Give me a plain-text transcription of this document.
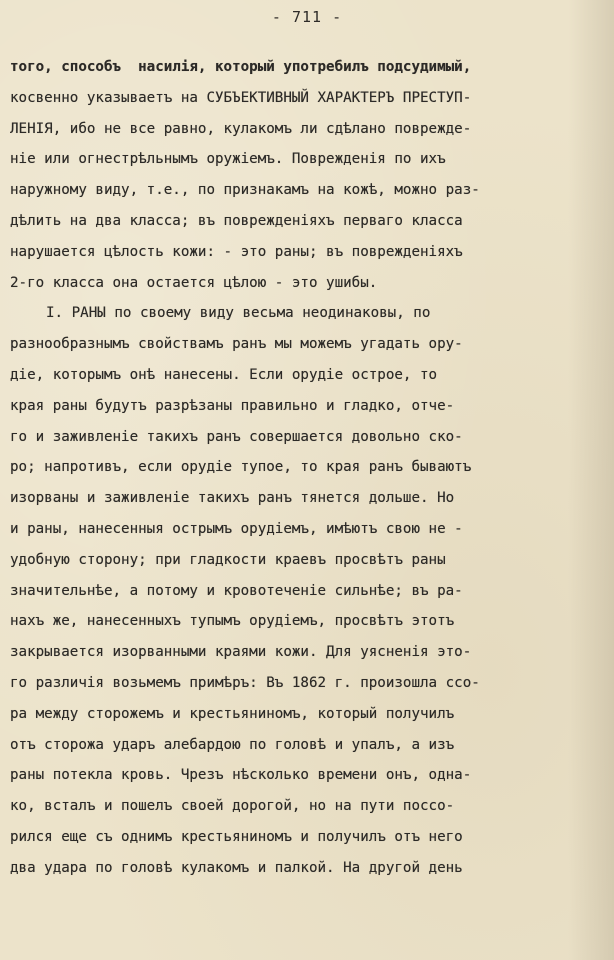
- 711 -
того, способъ  насилія, который употребилъ подсудимый,
косвенно указываетъ на СУБЪЕКТИВНЫЙ ХАРАКТЕРЪ ПРЕСТУП-
ЛЕНІЯ, ибо не все равно, кулакомъ ли сдѣлано поврежде-
ніе или огнестрѣльнымъ оружіемъ. Поврежденія по ихъ
наружному виду, т.е., по признакамъ на кожѣ, можно раз-
дѣлить на два класса; въ поврежденіяхъ перваго класса
нарушается цѣлость кожи: - это раны; въ поврежденіяхъ
2-го класса она остается цѣлою - это ушибы.
I. РАНЫ по своему виду весьма неодинаковы, по
разнообразнымъ свойствамъ ранъ мы можемъ угадать ору-
діе, которымъ онѣ нанесены. Если орудіе острое, то
края раны будутъ разрѣзаны правильно и гладко, отче-
го и заживленіе такихъ ранъ совершается довольно ско-
ро; напротивъ, если орудіе тупое, то края ранъ бываютъ
изорваны и заживленіе такихъ ранъ тянется дольше. Но
и раны, нанесенныя острымъ орудіемъ, имѣютъ свою не -
удобную сторону; при гладкости краевъ просвѣтъ раны
значительнѣе, а потому и кровотеченіе сильнѣе; въ ра-
нахъ же, нанесенныхъ тупымъ орудіемъ, просвѣтъ этотъ
закрывается изорванными краями кожи. Для уясненія это-
го различія возьмемъ примѣръ: Въ 1862 г. произошла ссо-
ра между сторожемъ и крестьяниномъ, который получилъ
отъ сторожа ударъ алебардою по головѣ и упалъ, а изъ
раны потекла кровь. Чрезъ нѣсколько времени онъ, одна-
ко, всталъ и пошелъ своей дорогой, но на пути поссо-
рился еще съ однимъ крестьяниномъ и получилъ отъ него
два удара по головѣ кулакомъ и палкой. На другой день
